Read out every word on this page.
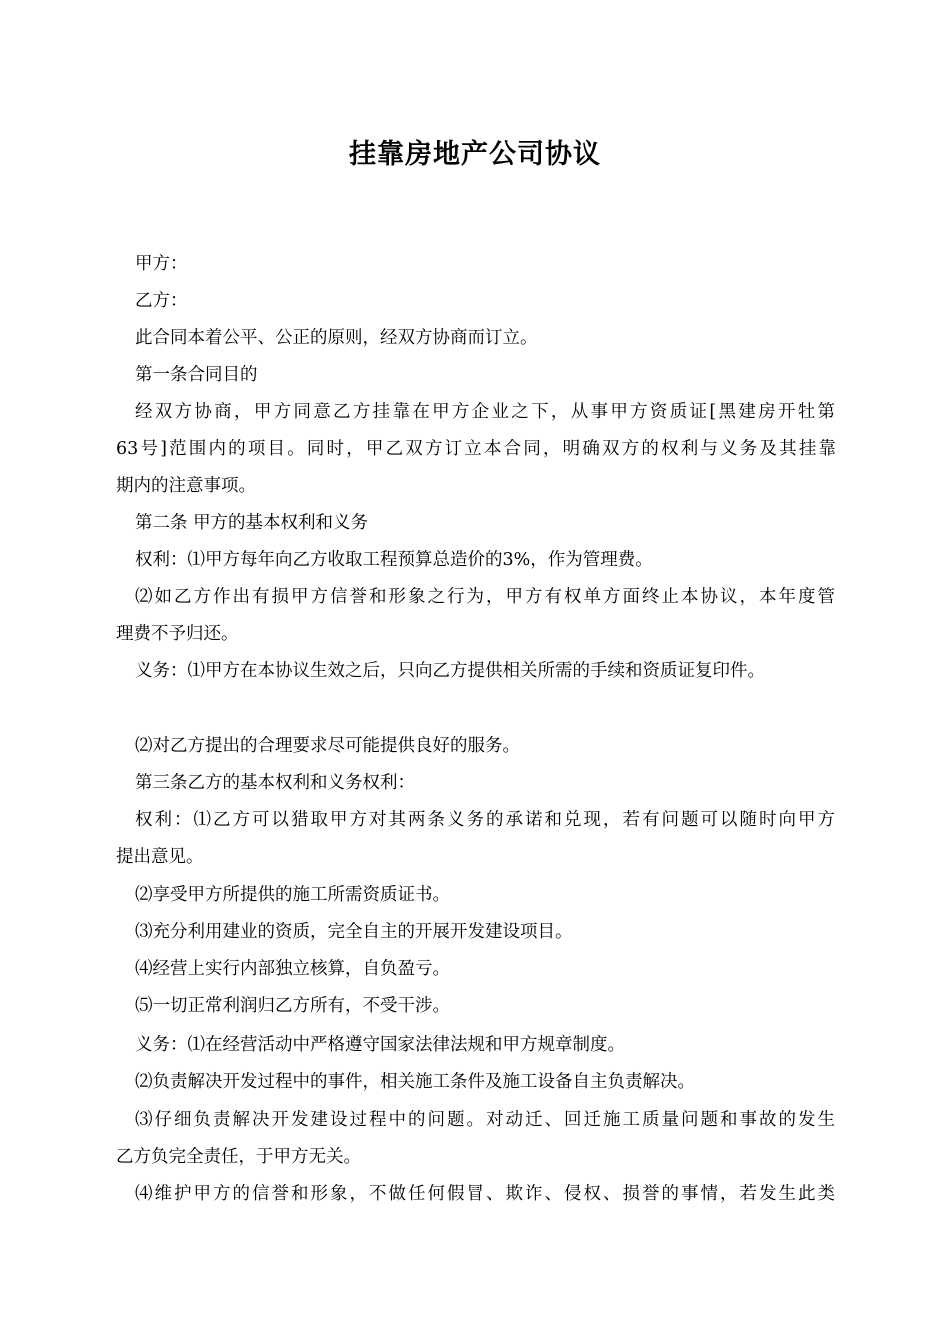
挂靠房地产公司协议
甲方：
乙方：
此合同本着公平、公正的原则，经双方协商而订立。
第一条合同目的
经双方协商，甲方同意乙方挂靠在甲方企业之下，从事甲方资质证[黑建房开牡第
63号]范围内的项目。同时，甲乙双方订立本合同，明确双方的权利与义务及其挂靠
期内的注意事项。
第二条 甲方的基本权利和义务
权利：⑴甲方每年向乙方收取工程预算总造价的3%，作为管理费。
⑵如乙方作出有损甲方信誉和形象之行为，甲方有权单方面终止本协议，本年度管
理费不予归还。
义务：⑴甲方在本协议生效之后，只向乙方提供相关所需的手续和资质证复印件。
⑵对乙方提出的合理要求尽可能提供良好的服务。
第三条乙方的基本权利和义务权利：
权利：⑴乙方可以猎取甲方对其两条义务的承诺和兑现，若有问题可以随时向甲方
提出意见。
⑵享受甲方所提供的施工所需资质证书。
⑶充分利用建业的资质，完全自主的开展开发建设项目。
⑷经营上实行内部独立核算，自负盈亏。
⑸一切正常利润归乙方所有，不受干涉。
义务：⑴在经营活动中严格遵守国家法律法规和甲方规章制度。
⑵负责解决开发过程中的事件，相关施工条件及施工设备自主负责解决。
⑶仔细负责解决开发建设过程中的问题。对动迁、回迁施工质量问题和事故的发生
乙方负完全责任，于甲方无关。
⑷维护甲方的信誉和形象，不做任何假冒、欺诈、侵权、损誉的事情，若发生此类
